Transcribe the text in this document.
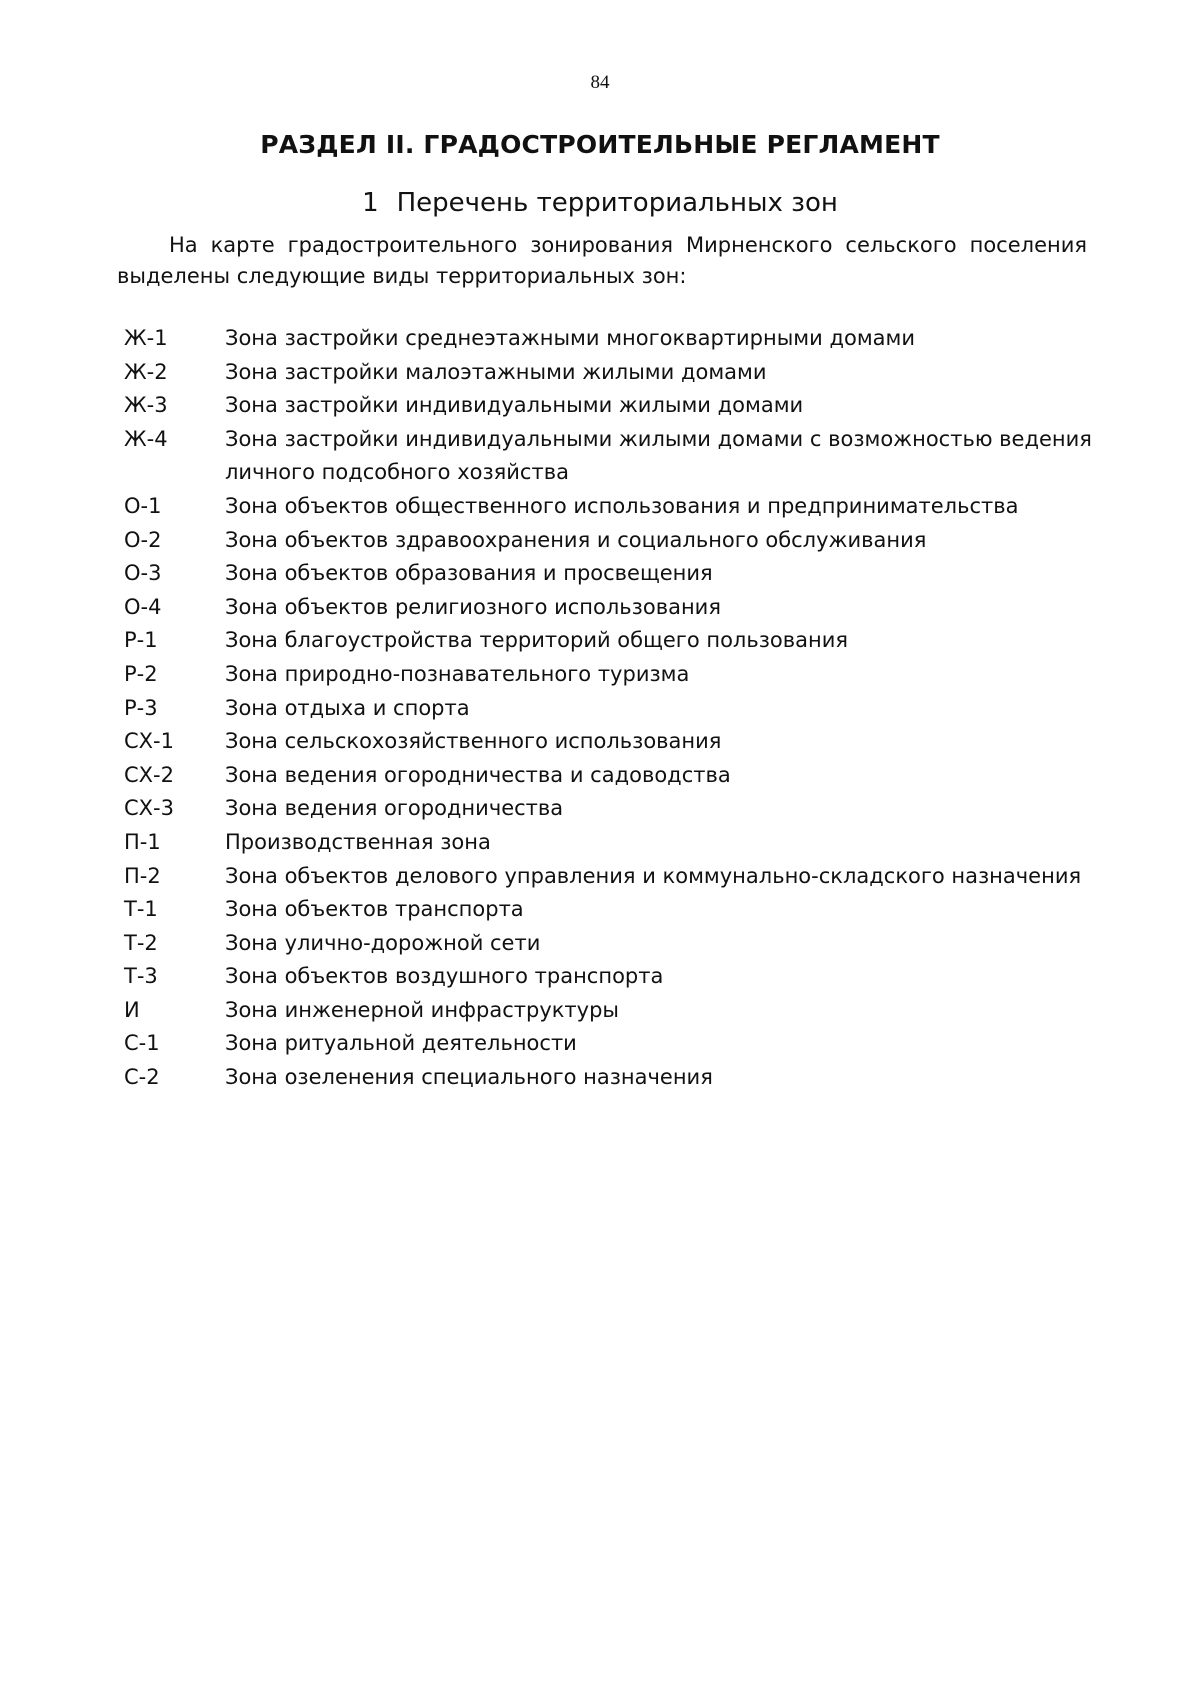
84
РАЗДЕЛ II. ГРАДОСТРОИТЕЛЬНЫЕ РЕГЛАМЕНТ
1 Перечень территориальных зон

На карте градостроительного зонирования Мирненского сельского поселения выделены следующие виды территориальных зон:

Ж-1	Зона застройки среднеэтажными многоквартирными домами
Ж-2	Зона застройки малоэтажными жилыми домами
Ж-3	Зона застройки индивидуальными жилыми домами
Ж-4	Зона застройки индивидуальными жилыми домами с возможностью ведения личного подсобного хозяйства
О-1	Зона объектов общественного использования и предпринимательства
О-2	Зона объектов здравоохранения и социального обслуживания
О-3	Зона объектов образования и просвещения
О-4	Зона объектов религиозного использования
Р-1	Зона благоустройства территорий общего пользования
Р-2	Зона природно-познавательного туризма
Р-3	Зона отдыха и спорта
СХ-1	Зона сельскохозяйственного использования
СХ-2	Зона ведения огородничества и садоводства
СХ-3	Зона ведения огородничества
П-1	Производственная зона
П-2	Зона объектов делового управления и коммунально-складского назначения
Т-1	Зона объектов транспорта
Т-2	Зона улично-дорожной сети
Т-3	Зона объектов воздушного транспорта
И	Зона инженерной инфраструктуры
С-1	Зона ритуальной деятельности
С-2	Зона озеленения специального назначения
